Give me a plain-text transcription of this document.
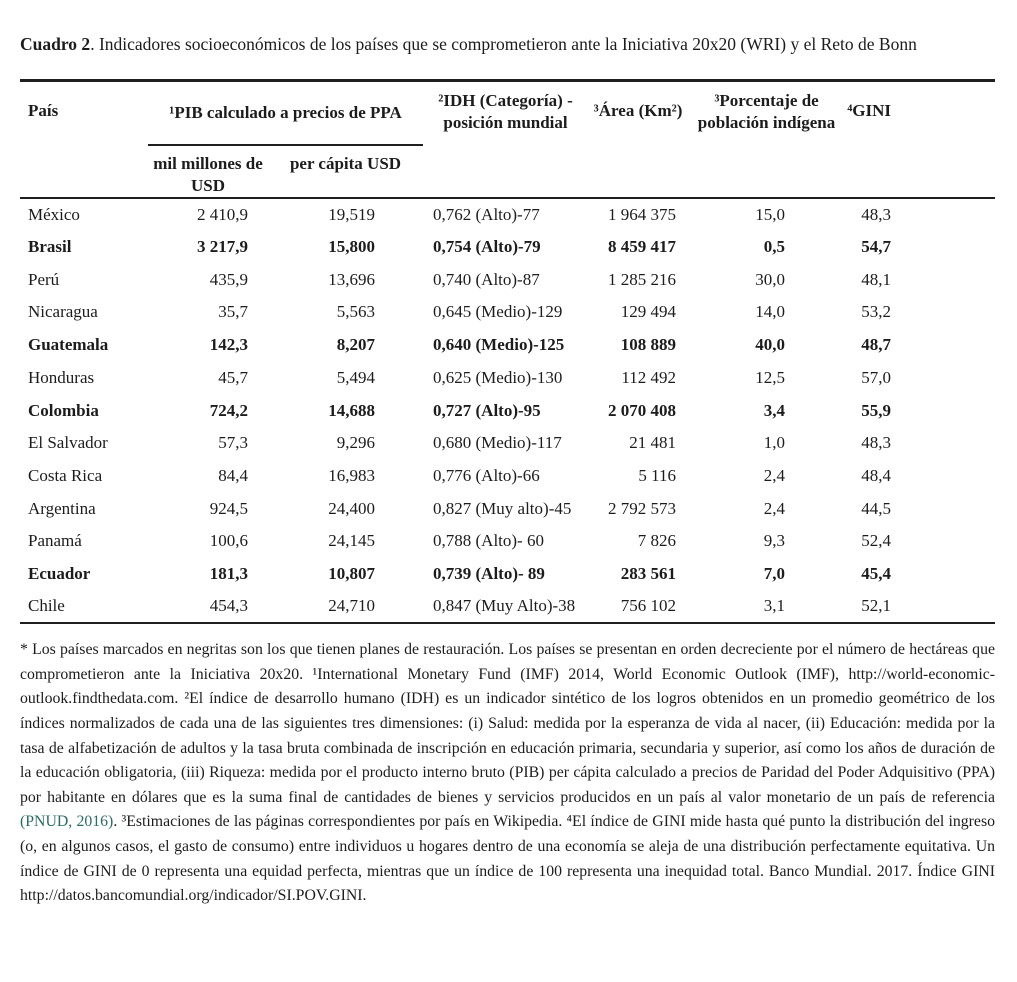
Cuadro 2. Indicadores socioeconómicos de los países que se comprometieron ante la Iniciativa 20x20 (WRI) y el Reto de Bonn

País	¹PIB calculado a precios de PPA		²IDH (Categoría) - posición mundial	³Área (Km²)	³Porcentaje de población indígena	⁴GINI
	mil millones de USD	per cápita USD				
México	2 410,9	19,519	0,762 (Alto)-77	1 964 375	15,0	48,3
Brasil	3 217,9	15,800	0,754 (Alto)-79	8 459 417	0,5	54,7
Perú	435,9	13,696	0,740 (Alto)-87	1 285 216	30,0	48,1
Nicaragua	35,7	5,563	0,645 (Medio)-129	129 494	14,0	53,2
Guatemala	142,3	8,207	0,640 (Medio)-125	108 889	40,0	48,7
Honduras	45,7	5,494	0,625 (Medio)-130	112 492	12,5	57,0
Colombia	724,2	14,688	0,727 (Alto)-95	2 070 408	3,4	55,9
El Salvador	57,3	9,296	0,680 (Medio)-117	21 481	1,0	48,3
Costa Rica	84,4	16,983	0,776 (Alto)-66	5 116	2,4	48,4
Argentina	924,5	24,400	0,827 (Muy alto)-45	2 792 573	2,4	44,5
Panamá	100,6	24,145	0,788 (Alto)- 60	7 826	9,3	52,4
Ecuador	181,3	10,807	0,739 (Alto)- 89	283 561	7,0	45,4
Chile	454,3	24,710	0,847 (Muy Alto)-38	756 102	3,1	52,1

* Los países marcados en negritas son los que tienen planes de restauración. Los países se presentan en orden decreciente por el número de hectáreas que comprometieron ante la Iniciativa 20x20. ¹International Monetary Fund (IMF) 2014, World Economic Outlook (IMF), http://world-economic-outlook.findthedata.com. ²El índice de desarrollo humano (IDH) es un indicador sintético de los logros obtenidos en un promedio geométrico de los índices normalizados de cada una de las siguientes tres dimensiones: (i) Salud: medida por la esperanza de vida al nacer, (ii) Educación: medida por la tasa de alfabetización de adultos y la tasa bruta combinada de inscripción en educación primaria, secundaria y superior, así como los años de duración de la educación obligatoria, (iii) Riqueza: medida por el producto interno bruto (PIB) per cápita calculado a precios de Paridad del Poder Adquisitivo (PPA) por habitante en dólares que es la suma final de cantidades de bienes y servicios producidos en un país al valor monetario de un país de referencia (PNUD, 2016). ³Estimaciones de las páginas correspondientes por país en Wikipedia. ⁴El índice de GINI mide hasta qué punto la distribución del ingreso (o, en algunos casos, el gasto de consumo) entre individuos u hogares dentro de una economía se aleja de una distribución perfectamente equitativa. Un índice de GINI de 0 representa una equidad perfecta, mientras que un índice de 100 representa una inequidad total. Banco Mundial. 2017. Índice GINI http://datos.bancomundial.org/indicador/SI.POV.GINI.
